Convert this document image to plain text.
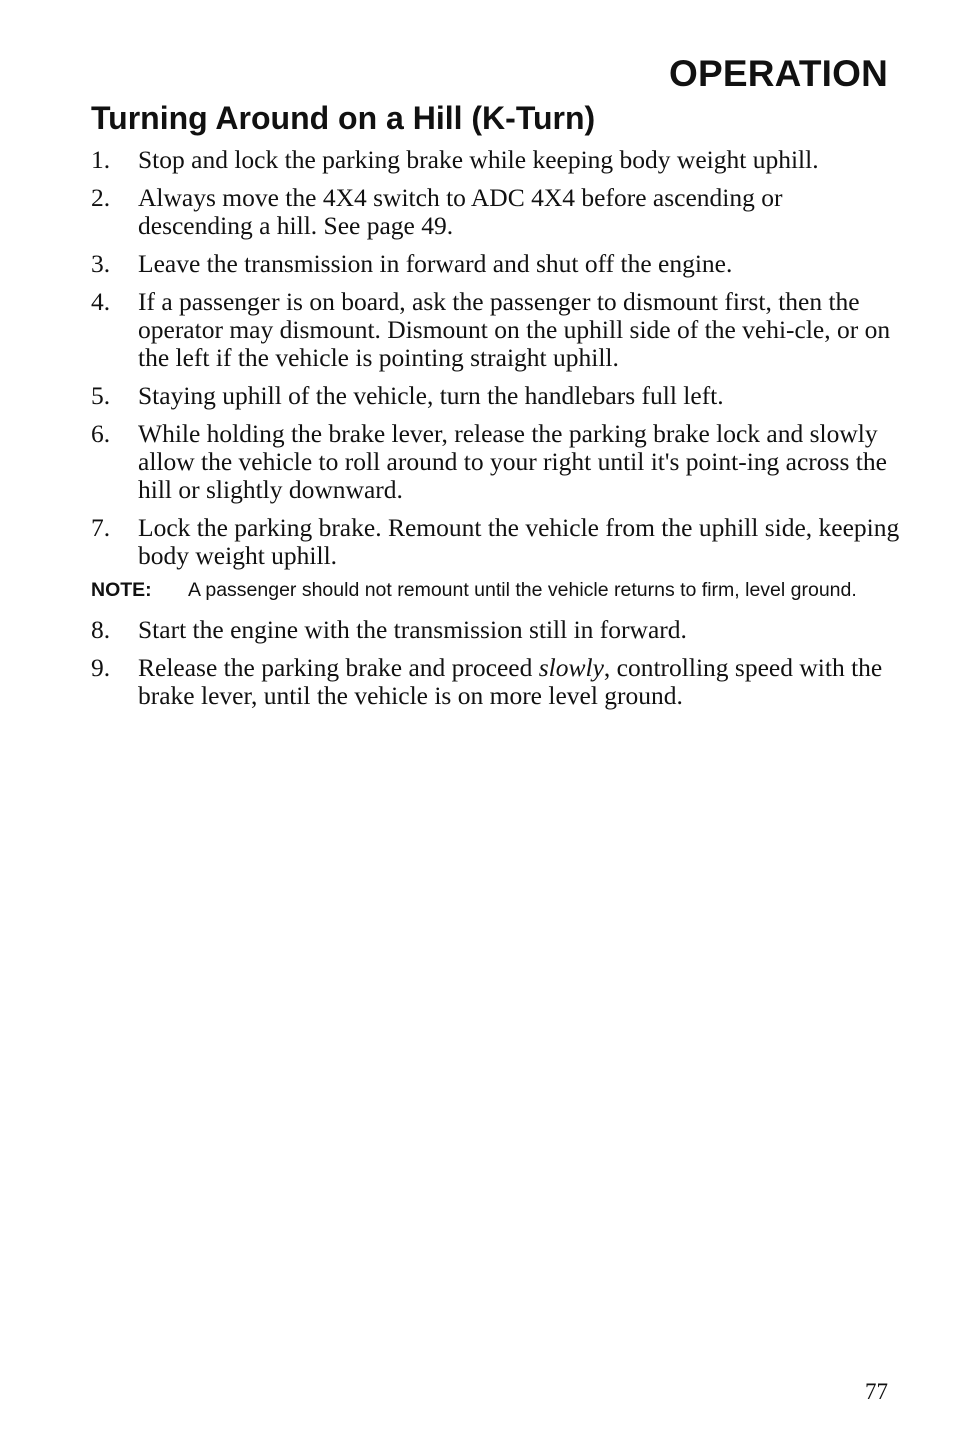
OPERATION
Turning Around on a Hill (K-Turn)
1. Stop and lock the parking brake while keeping body weight uphill.
2. Always move the 4X4 switch to ADC 4X4 before ascending or descending a hill. See page 49.
3. Leave the transmission in forward and shut off the engine.
4. If a passenger is on board, ask the passenger to dismount first, then the operator may dismount. Dismount on the uphill side of the vehi-cle, or on the left if the vehicle is pointing straight uphill.
5. Staying uphill of the vehicle, turn the handlebars full left.
6. While holding the brake lever, release the parking brake lock and slowly allow the vehicle to roll around to your right until it's point-ing across the hill or slightly downward.
7. Lock the parking brake. Remount the vehicle from the uphill side, keeping body weight uphill.
NOTE: A passenger should not remount until the vehicle returns to firm, level ground.
8. Start the engine with the transmission still in forward.
9. Release the parking brake and proceed slowly, controlling speed with the brake lever, until the vehicle is on more level ground.
77
